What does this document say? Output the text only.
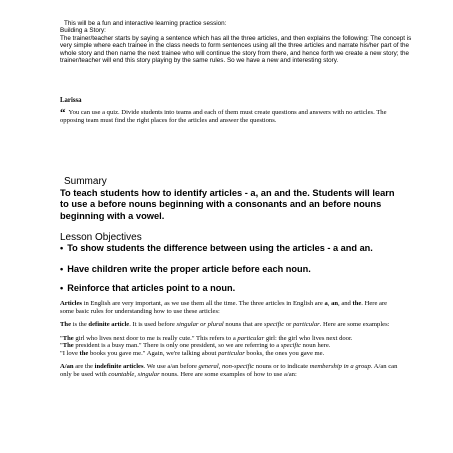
This will be a fun and interactive learning practice session:

Building a Story:

The trainer/teacher starts by saying a sentence which has all the three articles, and then explains the following: The concept is very simple where each trainee in the class needs to form sentences using all the three articles and narrate his/her part of the whole story and then name the next trainee who will continue the story from there, and hence forth we create a new story; the trainer/teacher will end this story playing by the same rules. So we have a new and interesting story.

Larissa

“ You can use a quiz. Divide students into teams and each of them must create questions and answers with no articles. The opposing team must find the right places for the articles and answer the questions.

Summary
To teach students how to identify articles - a, an and the. Students will learn to use a before nouns beginning with a consonants and an before nouns beginning with a vowel.
Lesson Objectives
• To show students the difference between using the articles - a and an.
• Have children write the proper article before each noun.
• Reinforce that articles point to a noun.

Articles in English are very important, as we use them all the time. The three articles in English are a, an, and the. Here are some basic rules for understanding how to use these articles:

The is the definite article. It is used before singular or plural nouns that are specific or particular. Here are some examples:

"The girl who lives next door to me is really cute." This refers to a particular girl: the girl who lives next door.

"The president is a busy man." There is only one president, so we are referring to a specific noun here.

"I love the books you gave me." Again, we're talking about particular books, the ones you gave me.

A/an are the indefinite articles. We use a/an before general, non-specific nouns or to indicate membership in a group. A/an can only be used with countable, singular nouns. Here are some examples of how to use a/an:
